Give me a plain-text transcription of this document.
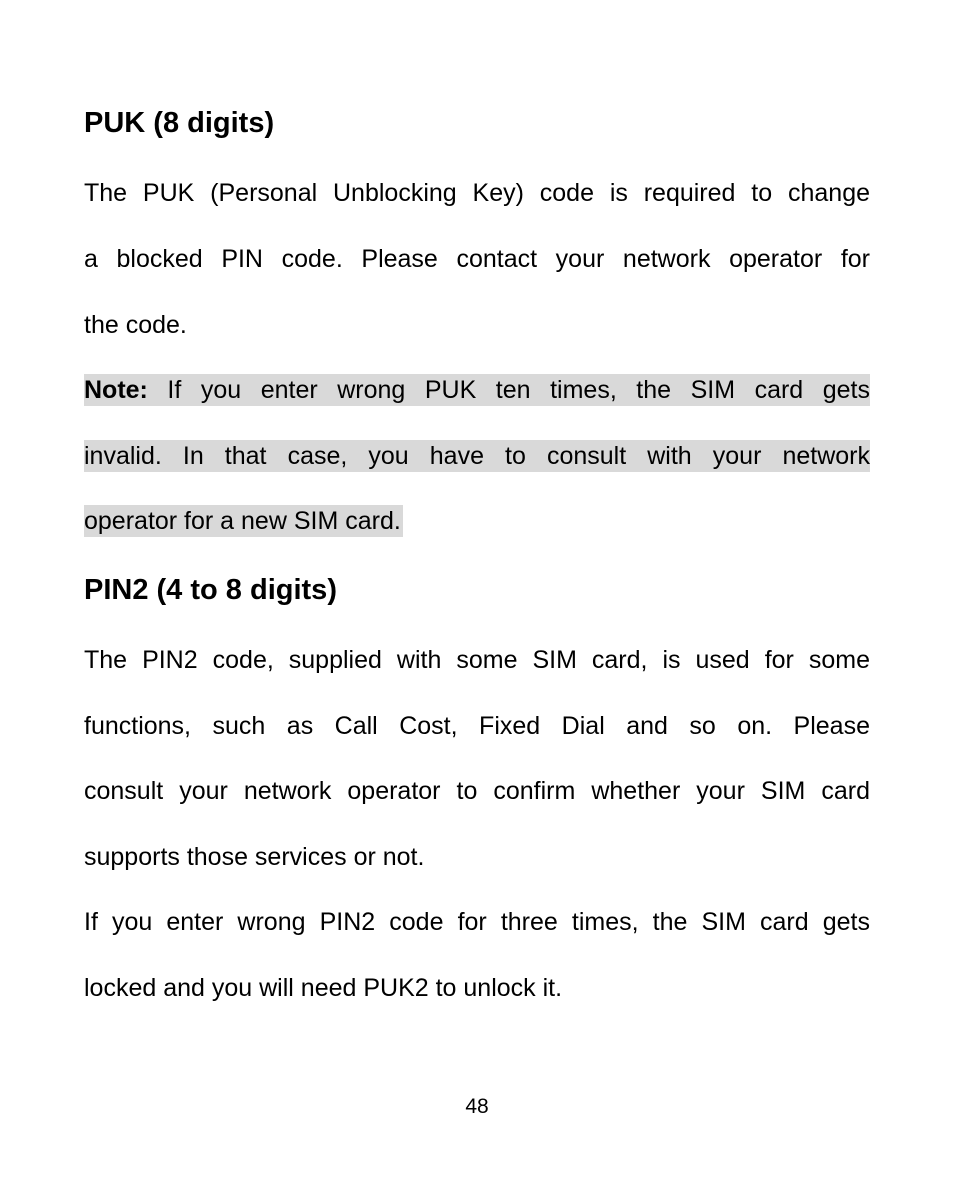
PUK (8 digits)
The PUK (Personal Unblocking Key) code is required to change
a blocked PIN code. Please contact your network operator for
the code.
Note: If you enter wrong PUK ten times, the SIM card gets
invalid. In that case, you have to consult with your network
operator for a new SIM card.
PIN2 (4 to 8 digits)
The PIN2 code, supplied with some SIM card, is used for some
functions, such as Call Cost, Fixed Dial and so on. Please
consult your network operator to confirm whether your SIM card
supports those services or not.
If you enter wrong PIN2 code for three times, the SIM card gets
locked and you will need PUK2 to unlock it.
48
